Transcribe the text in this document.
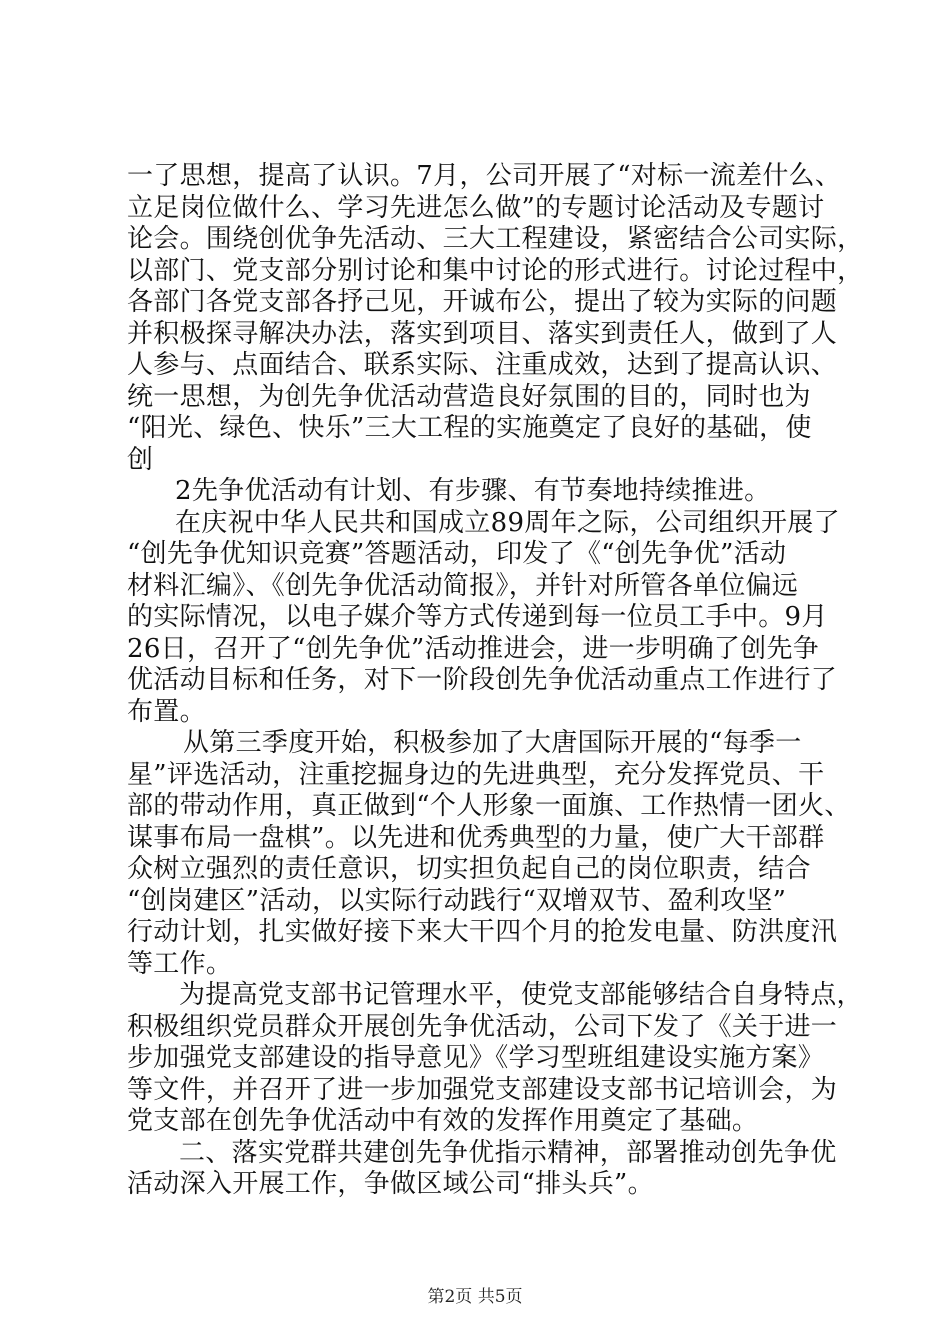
一了思想，提高了认识。7月，公司开展了“对标一流差什么、
立足岗位做什么、学习先进怎么做”的专题讨论活动及专题讨
论会。围绕创优争先活动、三大工程建设，紧密结合公司实际，
以部门、党支部分别讨论和集中讨论的形式进行。讨论过程中，
各部门各党支部各抒己见，开诚布公，提出了较为实际的问题
并积极探寻解决办法，落实到项目、落实到责任人，做到了人
人参与、点面结合、联系实际、注重成效，达到了提高认识、
统一思想，为创先争优活动营造良好氛围的目的，同时也为
“阳光、绿色、快乐”三大工程的实施奠定了良好的基础，使
创
2先争优活动有计划、有步骤、有节奏地持续推进。
在庆祝中华人民共和国成立89周年之际，公司组织开展了
“创先争优知识竞赛”答题活动，印发了《“创先争优”活动
材料汇编》、《创先争优活动简报》，并针对所管各单位偏远
的实际情况，以电子媒介等方式传递到每一位员工手中。9月
26日，召开了“创先争优”活动推进会，进一步明确了创先争
优活动目标和任务，对下一阶段创先争优活动重点工作进行了
布置。
从第三季度开始，积极参加了大唐国际开展的“每季一
星”评选活动，注重挖掘身边的先进典型，充分发挥党员、干
部的带动作用，真正做到“个人形象一面旗、工作热情一团火、
谋事布局一盘棋”。以先进和优秀典型的力量，使广大干部群
众树立强烈的责任意识，切实担负起自己的岗位职责，结合
“创岗建区”活动，以实际行动践行“双增双节、盈利攻坚”
行动计划，扎实做好接下来大干四个月的抢发电量、防洪度汛
等工作。
为提高党支部书记管理水平，使党支部能够结合自身特点，
积极组织党员群众开展创先争优活动，公司下发了《关于进一
步加强党支部建设的指导意见》《学习型班组建设实施方案》
等文件，并召开了进一步加强党支部建设支部书记培训会，为
党支部在创先争优活动中有效的发挥作用奠定了基础。
二、落实党群共建创先争优指示精神，部署推动创先争优
活动深入开展工作，争做区域公司“排头兵”。
第2页 共5页
